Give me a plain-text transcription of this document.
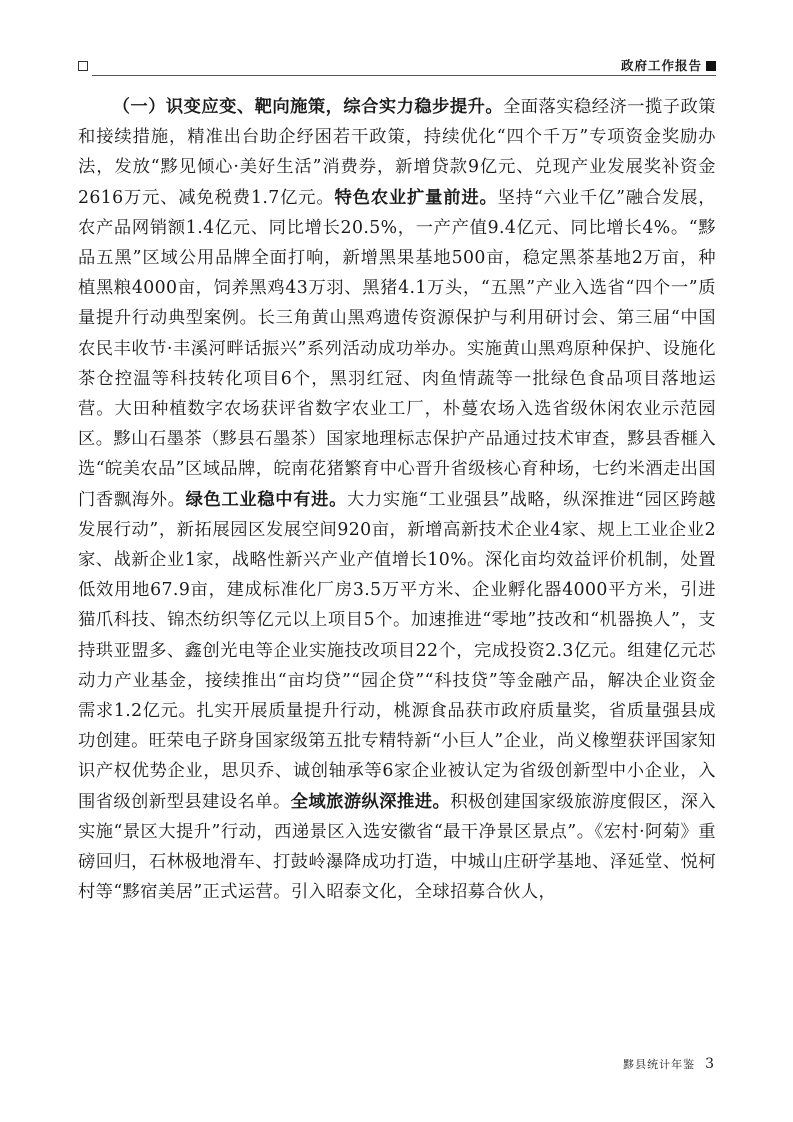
政府工作报告

（一）识变应变、靶向施策，综合实力稳步提升。全面落实稳经济一揽子政策和接续措施，精准出台助企纾困若干政策，持续优化“四个千万”专项资金奖励办法，发放“黟见倾心·美好生活”消费券，新增贷款9亿元、兑现产业发展奖补资金2616万元、减免税费1.7亿元。特色农业扩量前进。坚持“六业千亿”融合发展，农产品网销额1.4亿元、同比增长20.5%，一产产值9.4亿元、同比增长4%。“黟品五黑”区域公用品牌全面打响，新增黑果基地500亩，稳定黑茶基地2万亩，种植黑粮4000亩，饲养黑鸡43万羽、黑猪4.1万头，“五黑”产业入选省“四个一”质量提升行动典型案例。长三角黄山黑鸡遗传资源保护与利用研讨会、第三届“中国农民丰收节·丰溪河畔话振兴”系列活动成功举办。实施黄山黑鸡原种保护、设施化茶仓控温等科技转化项目6个，黑羽红冠、肉鱼情蔬等一批绿色食品项目落地运营。大田种植数字农场获评省数字农业工厂，朴蔓农场入选省级休闲农业示范园区。黟山石墨茶（黟县石墨茶）国家地理标志保护产品通过技术审查，黟县香榧入选“皖美农品”区域品牌，皖南花猪繁育中心晋升省级核心育种场，七约米酒走出国门香飘海外。绿色工业稳中有进。大力实施“工业强县”战略，纵深推进“园区跨越发展行动”，新拓展园区发展空间920亩，新增高新技术企业4家、规上工业企业2家、战新企业1家，战略性新兴产业产值增长10%。深化亩均效益评价机制，处置低效用地67.9亩，建成标准化厂房3.5万平方米、企业孵化器4000平方米，引进猫爪科技、锦杰纺织等亿元以上项目5个。加速推进“零地”技改和“机器换人”，支持珙亚盟多、鑫创光电等企业实施技改项目22个，完成投资2.3亿元。组建亿元芯动力产业基金，接续推出“亩均贷”“园企贷”“科技贷”等金融产品，解决企业资金需求1.2亿元。扎实开展质量提升行动，桃源食品获市政府质量奖，省质量强县成功创建。旺荣电子跻身国家级第五批专精特新“小巨人”企业，尚义橡塑获评国家知识产权优势企业，思贝乔、诚创轴承等6家企业被认定为省级创新型中小企业，入围省级创新型县建设名单。全域旅游纵深推进。积极创建国家级旅游度假区，深入实施“景区大提升”行动，西递景区入选安徽省“最干净景区景点”。《宏村·阿菊》重磅回归，石林极地滑车、打鼓岭瀑降成功打造，中城山庄研学基地、泽延堂、悦柯村等“黟宿美居”正式运营。引入昭泰文化，全球招募合伙人，

黟县统计年鉴 3
